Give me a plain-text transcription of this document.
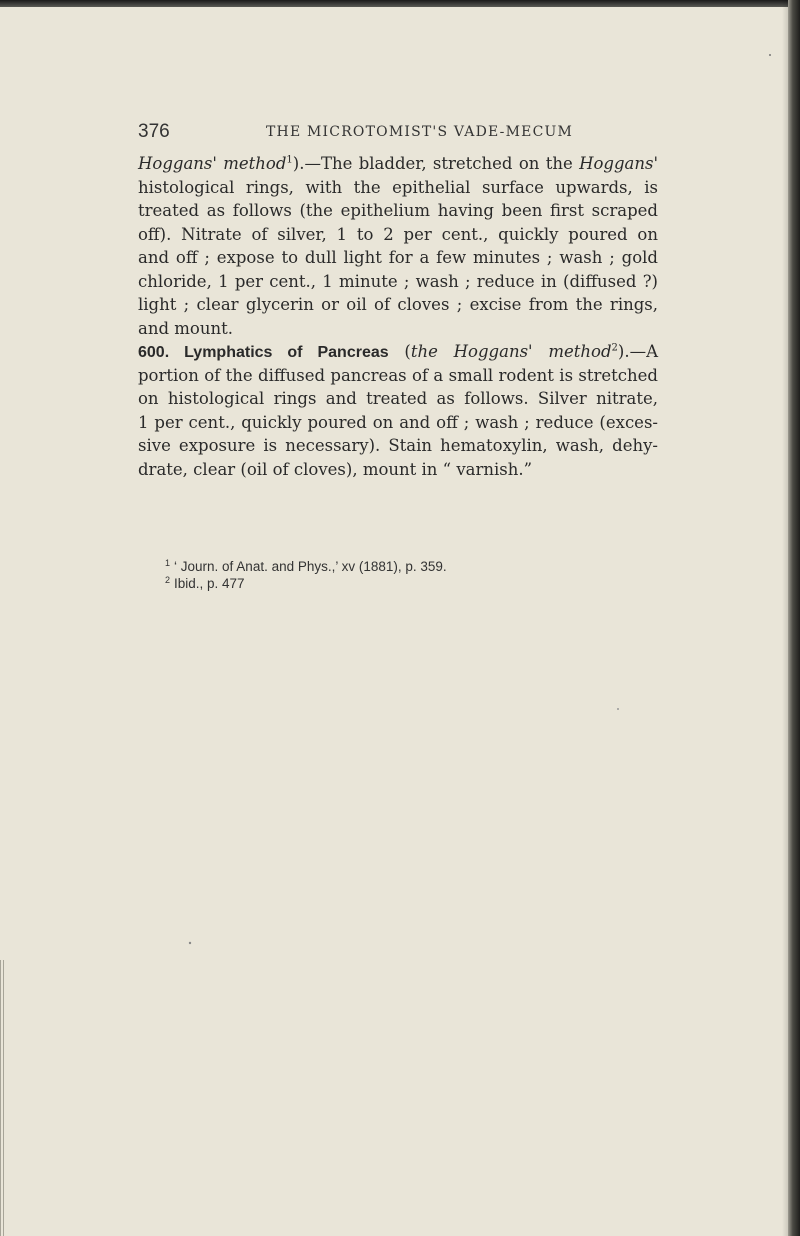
376	THE MICROTOMIST'S VADE-MECUM
Hoggans' method$^1$).—The bladder, stretched on the Hoggans'
histological rings, with the epithelial surface upwards, is
treated as follows (the epithelium having been first scraped
off). Nitrate of silver, 1 to 2 per cent., quickly poured on
and off ; expose to dull light for a few minutes ; wash ; gold
chloride, 1 per cent., 1 minute ; wash ; reduce in (diffused ?)
light ; clear glycerin or oil of cloves ; excise from the rings,
and mount.
600. Lymphatics of Pancreas (the Hoggans' method$^2$).—A
portion of the diffused pancreas of a small rodent is stretched
on histological rings and treated as follows. Silver nitrate,
1 per cent., quickly poured on and off ; wash ; reduce (exces-
sive exposure is necessary). Stain hematoxylin, wash, dehy-
drate, clear (oil of cloves), mount in “ varnish.”
$^1$ ‘ Journ. of Anat. and Phys.,’ xv (1881), p. 359.
$^2$ Ibid., p. 477
